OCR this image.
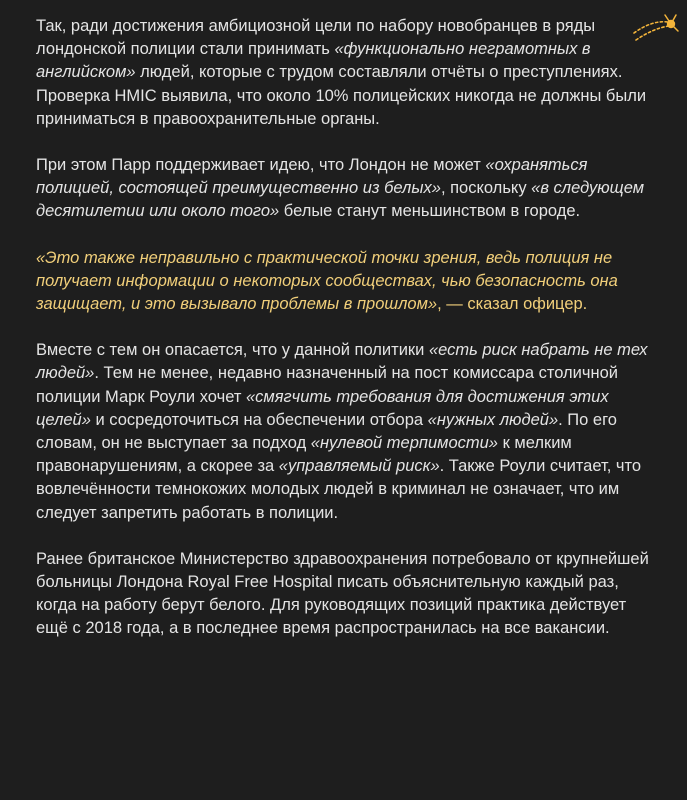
Так, ради достижения амбициозной цели по набору новобранцев в ряды лондонской полиции стали принимать «функционально неграмотных в английском» людей, которые с трудом составляли отчёты о преступлениях. Проверка HMIC выявила, что около 10% полицейских никогда не должны были приниматься в правоохранительные органы.

При этом Парр поддерживает идею, что Лондон не может «охраняться полицией, состоящей преимущественно из белых», поскольку «в следующем десятилетии или около того» белые станут меньшинством в городе.

«Это также неправильно с практической точки зрения, ведь полиция не получает информации о некоторых сообществах, чью безопасность она защищает, и это вызывало проблемы в прошлом», — сказал офицер.

Вместе с тем он опасается, что у данной политики «есть риск набрать не тех людей». Тем не менее, недавно назначенный на пост комиссара столичной полиции Марк Роули хочет «смягчить требования для достижения этих целей» и сосредоточиться на обеспечении отбора «нужных людей». По его словам, он не выступает за подход «нулевой терпимости» к мелким правонарушениям, а скорее за «управляемый риск». Также Роули считает, что вовлечённости темнокожих молодых людей в криминал не означает, что им следует запретить работать в полиции.

Ранее британское Министерство здравоохранения потребовало от крупнейшей больницы Лондона Royal Free Hospital писать объяснительную каждый раз, когда на работу берут белого. Для руководящих позиций практика действует ещё с 2018 года, а в последнее время распространилась на все вакансии.
